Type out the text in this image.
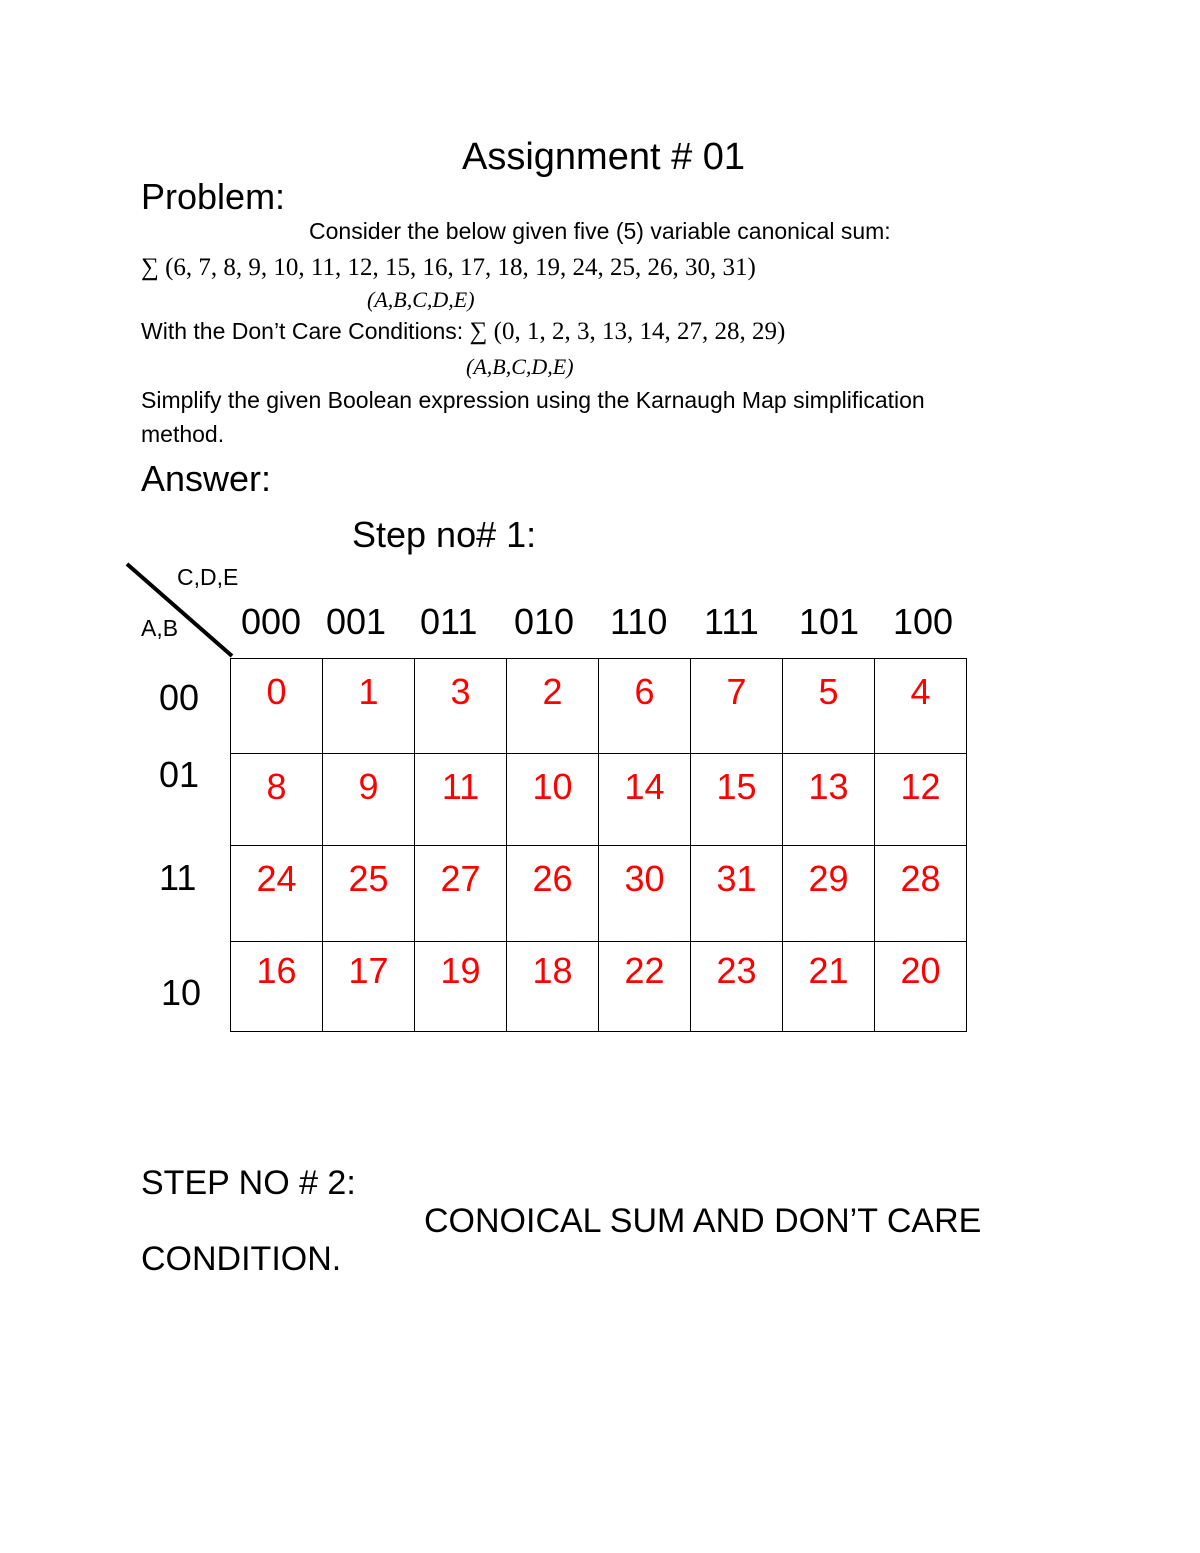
Assignment # 01
Problem:
Consider the below given five (5) variable canonical sum:
∑ (6, 7, 8, 9, 10, 11, 12, 15, 16, 17, 18, 19, 24, 25, 26, 30, 31)
(A,B,C,D,E)
With the Don’t Care Conditions: ∑ (0, 1, 2, 3, 13, 14, 27, 28, 29)
(A,B,C,D,E)
Simplify the given Boolean expression using the Karnaugh Map simplification
method.
Answer:
Step no# 1:
C,D,E
A,B 000 001 011 010 110 111 101 100
00
01
11
10
0	1	3	2	6	7	5	4
8	9	11	10	14	15	13	12
24	25	27	26	30	31	29	28
16	17	19	18	22	23	21	20
STEP NO # 2:
CONOICAL SUM AND DON’T CARE
CONDITION.
